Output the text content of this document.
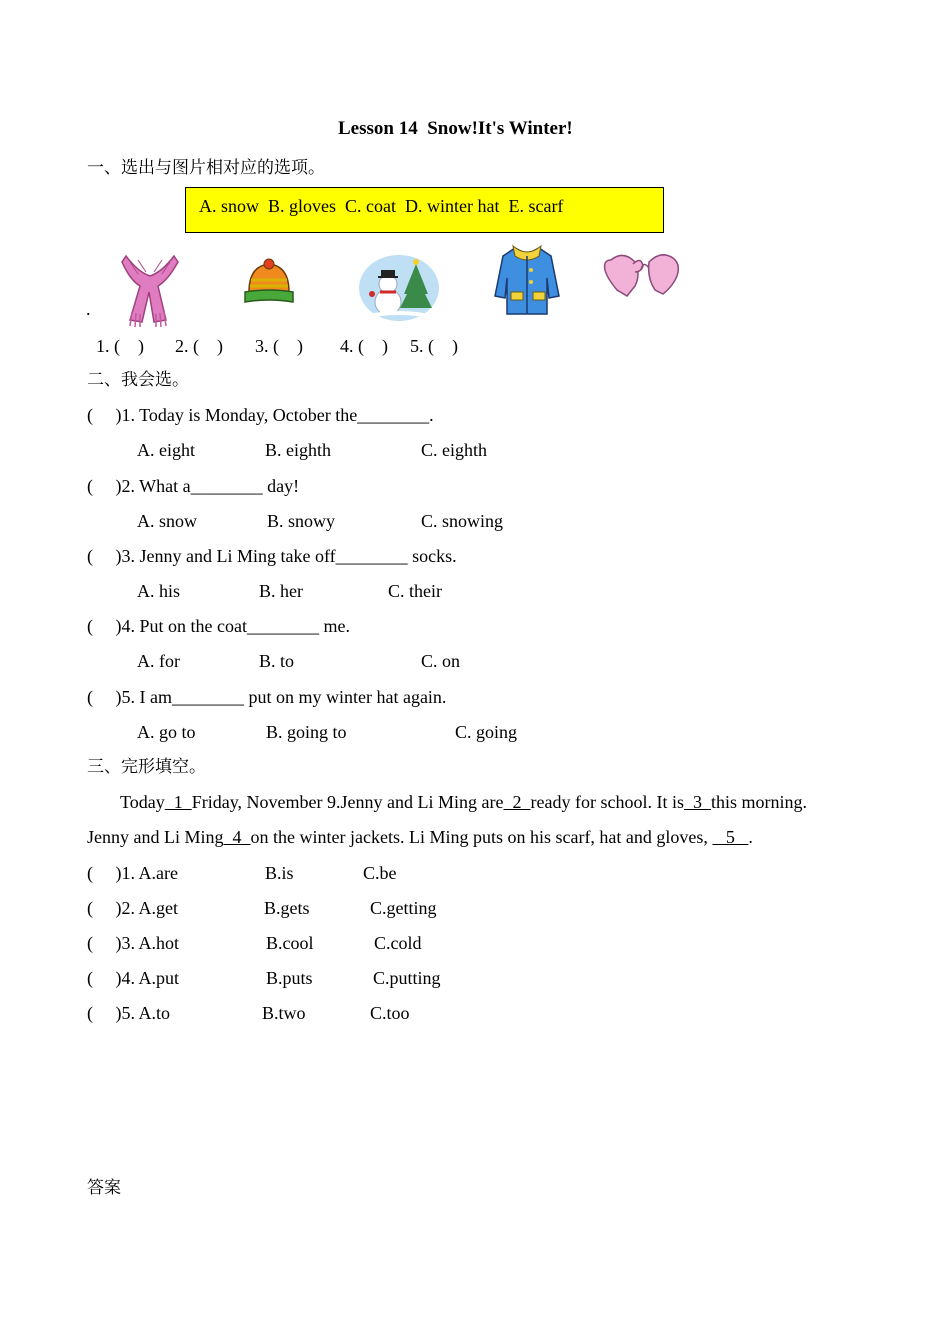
Lesson 14  Snow!It's Winter!
一、选出与图片相对应的选项。
A. snow  B. gloves  C. coat  D. winter hat  E. scarf
.
1. (    ) 2. (    ) 3. (    ) 4. (    ) 5. (    )
二、我会选。
(     )1. Today is Monday, October the________.
A. eight	B. eighth	C. eighth
(     )2. What a________ day!
A. snow	B. snowy	C. snowing
(     )3. Jenny and Li Ming take off________ socks.
A. his	B. her	C. their
(     )4. Put on the coat________ me.
A. for	B. to	C. on
(     )5. I am________ put on my winter hat again.
A. go to	B. going to	C. going
三、完形填空。
Today  1  Friday, November 9.Jenny and Li Ming are  2  ready for school. It is  3  this morning.
Jenny and Li Ming  4  on the winter jackets. Li Ming puts on his scarf, hat and gloves,    5   .
(     )1. A.are	B.is	C.be
(     )2. A.get	B.gets	C.getting
(     )3. A.hot	B.cool	C.cold
(     )4. A.put	B.puts	C.putting
(     )5. A.to	B.two	C.too
答案
